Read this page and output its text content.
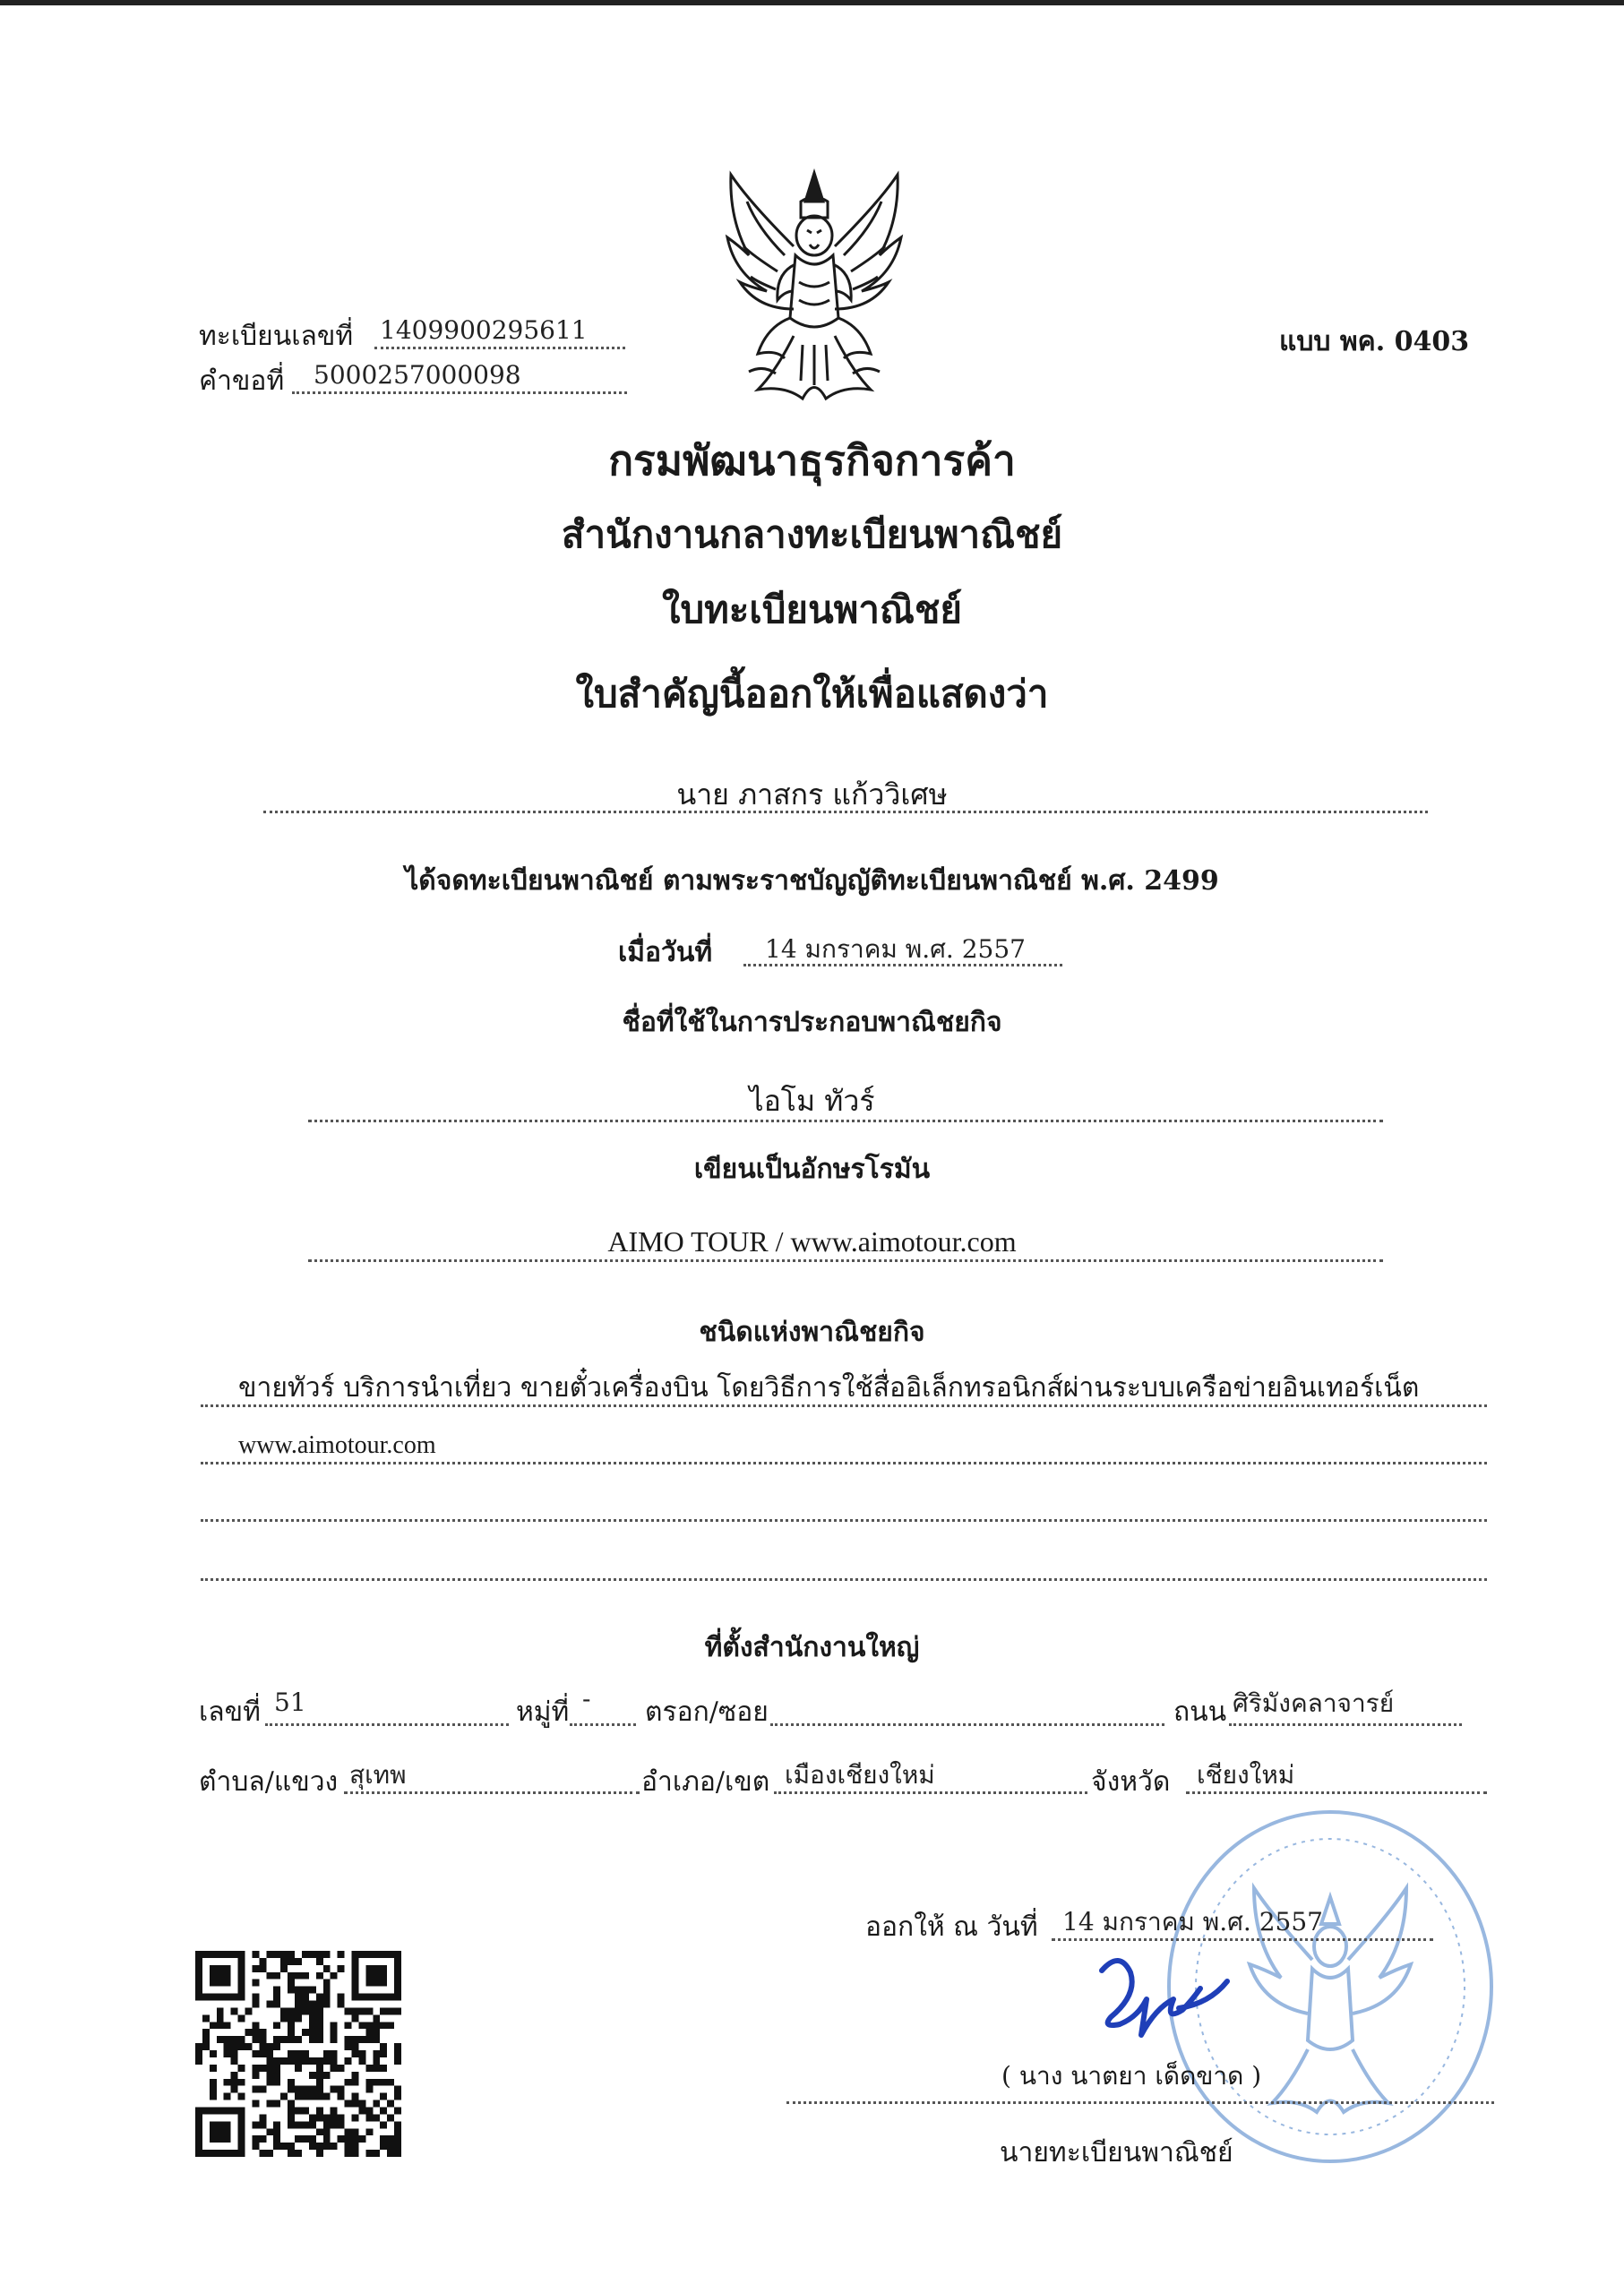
ทะเบียนเลขที่ 1409900295611
คำขอที่ 5000257000098
แบบ พค. 0403
กรมพัฒนาธุรกิจการค้า
สำนักงานกลางทะเบียนพาณิชย์
ใบทะเบียนพาณิชย์
ใบสำคัญนี้ออกให้เพื่อแสดงว่า
นาย ภาสกร แก้ววิเศษ
ได้จดทะเบียนพาณิชย์ ตามพระราชบัญญัติทะเบียนพาณิชย์ พ.ศ. 2499
เมื่อวันที่ 14 มกราคม พ.ศ. 2557
ชื่อที่ใช้ในการประกอบพาณิชยกิจ
ไอโม ทัวร์
เขียนเป็นอักษรโรมัน
AIMO TOUR / www.aimotour.com
ชนิดแห่งพาณิชยกิจ
ขายทัวร์ บริการนำเที่ยว ขายตั๋วเครื่องบิน โดยวิธีการใช้สื่ออิเล็กทรอนิกส์ผ่านระบบเครือข่ายอินเทอร์เน็ต
www.aimotour.com
ที่ตั้งสำนักงานใหญ่
เลขที่ 51	หมู่ที่ - ตรอก/ซอย	ถนน ศิริมังคลาจารย์
ตำบล/แขวง สุเทพ	อำเภอ/เขต เมืองเชียงใหม่	จังหวัด เชียงใหม่
ออกให้ ณ วันที่ 14 มกราคม พ.ศ. 2557
( นาง นาตยา เด็ดขาด )
นายทะเบียนพาณิชย์
